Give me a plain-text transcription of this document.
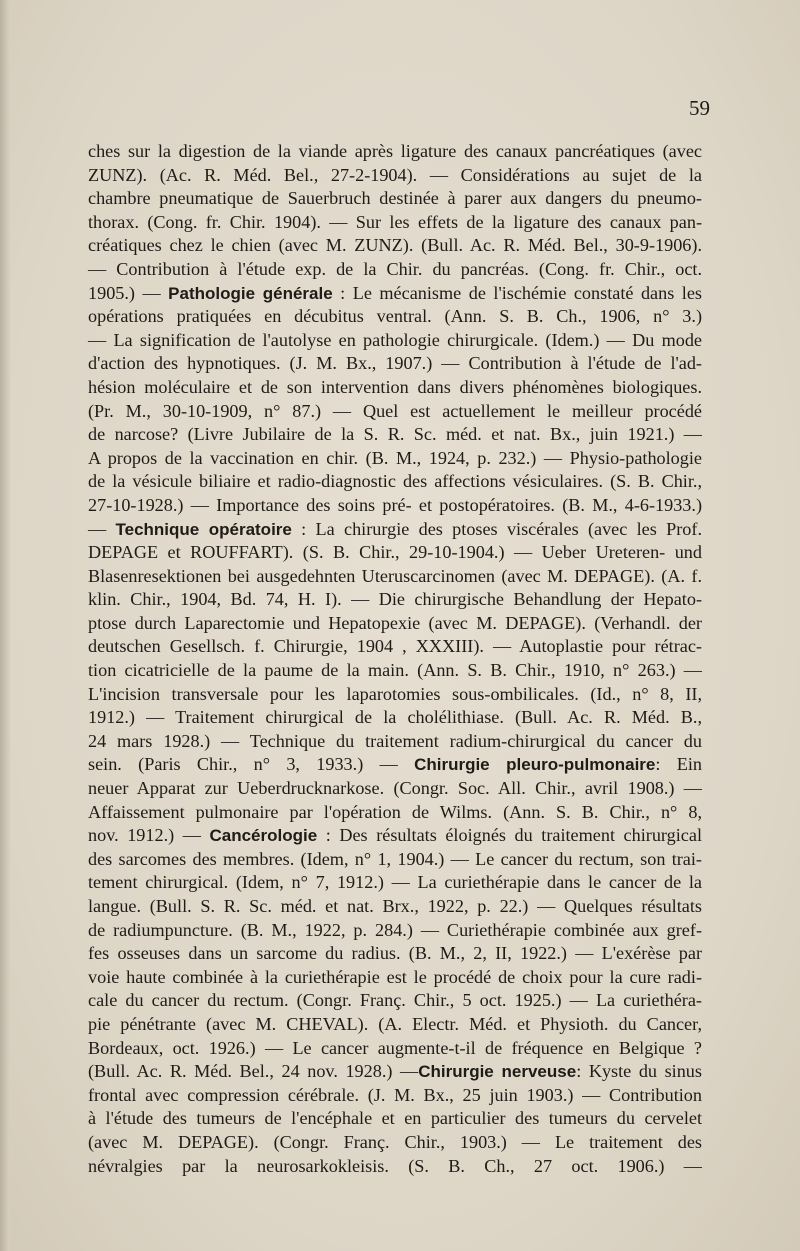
59
ches sur la digestion de la viande après ligature des canaux pancréatiques (avec
ZUNZ). (Ac. R. Méd. Bel., 27-2-1904). — Considérations au sujet de la
chambre pneumatique de Sauerbruch destinée à parer aux dangers du pneumo-
thorax. (Cong. fr. Chir. 1904). — Sur les effets de la ligature des canaux pan-
créatiques chez le chien (avec M. ZUNZ). (Bull. Ac. R. Méd. Bel., 30-9-1906).
— Contribution à l'étude exp. de la Chir. du pancréas. (Cong. fr. Chir., oct.
1905.) — Pathologie générale : Le mécanisme de l'ischémie constaté dans les
opérations pratiquées en décubitus ventral. (Ann. S. B. Ch., 1906, n° 3.)
— La signification de l'autolyse en pathologie chirurgicale. (Idem.) — Du mode
d'action des hypnotiques. (J. M. Bx., 1907.) — Contribution à l'étude de l'ad-
hésion moléculaire et de son intervention dans divers phénomènes biologiques.
(Pr. M., 30-10-1909, n° 87.) — Quel est actuellement le meilleur procédé
de narcose? (Livre Jubilaire de la S. R. Sc. méd. et nat. Bx., juin 1921.) —
A propos de la vaccination en chir. (B. M., 1924, p. 232.) — Physio-pathologie
de la vésicule biliaire et radio-diagnostic des affections vésiculaires. (S. B. Chir.,
27-10-1928.) — Importance des soins pré- et postopératoires. (B. M., 4-6-1933.)
— Technique opératoire : La chirurgie des ptoses viscérales (avec les Prof.
DEPAGE et ROUFFART). (S. B. Chir., 29-10-1904.) — Ueber Ureteren- und
Blasenresektionen bei ausgedehnten Uteruscarcinomen (avec M. DEPAGE). (A. f.
klin. Chir., 1904, Bd. 74, H. I). — Die chirurgische Behandlung der Hepato-
ptose durch Laparectomie und Hepatopexie (avec M. DEPAGE). (Verhandl. der
deutschen Gesellsch. f. Chirurgie, 1904 , XXXIII). — Autoplastie pour rétrac-
tion cicatricielle de la paume de la main. (Ann. S. B. Chir., 1910, n° 263.) —
L'incision transversale pour les laparotomies sous-ombilicales. (Id., n° 8, II,
1912.) — Traitement chirurgical de la cholélithiase. (Bull. Ac. R. Méd. B.,
24 mars 1928.) — Technique du traitement radium-chirurgical du cancer du
sein. (Paris Chir., n° 3, 1933.) — Chirurgie pleuro-pulmonaire: Ein
neuer Apparat zur Ueberdrucknarkose. (Congr. Soc. All. Chir., avril 1908.) —
Affaissement pulmonaire par l'opération de Wilms. (Ann. S. B. Chir., n° 8,
nov. 1912.) — Cancérologie : Des résultats éloignés du traitement chirurgical
des sarcomes des membres. (Idem, n° 1, 1904.) — Le cancer du rectum, son trai-
tement chirurgical. (Idem, n° 7, 1912.) — La curiethérapie dans le cancer de la
langue. (Bull. S. R. Sc. méd. et nat. Brx., 1922, p. 22.) — Quelques résultats
de radiumpuncture. (B. M., 1922, p. 284.) — Curiethérapie combinée aux gref-
fes osseuses dans un sarcome du radius. (B. M., 2, II, 1922.) — L'exérèse par
voie haute combinée à la curiethérapie est le procédé de choix pour la cure radi-
cale du cancer du rectum. (Congr. Franç. Chir., 5 oct. 1925.) — La curiethéra-
pie pénétrante (avec M. CHEVAL). (A. Electr. Méd. et Physioth. du Cancer,
Bordeaux, oct. 1926.) — Le cancer augmente-t-il de fréquence en Belgique ?
(Bull. Ac. R. Méd. Bel., 24 nov. 1928.) —Chirurgie nerveuse: Kyste du sinus
frontal avec compression cérébrale. (J. M. Bx., 25 juin 1903.) — Contribution
à l'étude des tumeurs de l'encéphale et en particulier des tumeurs du cervelet
(avec M. DEPAGE). (Congr. Franç. Chir., 1903.) — Le traitement des
névralgies par la neurosarkokleisis. (S. B. Ch., 27 oct. 1906.) —
